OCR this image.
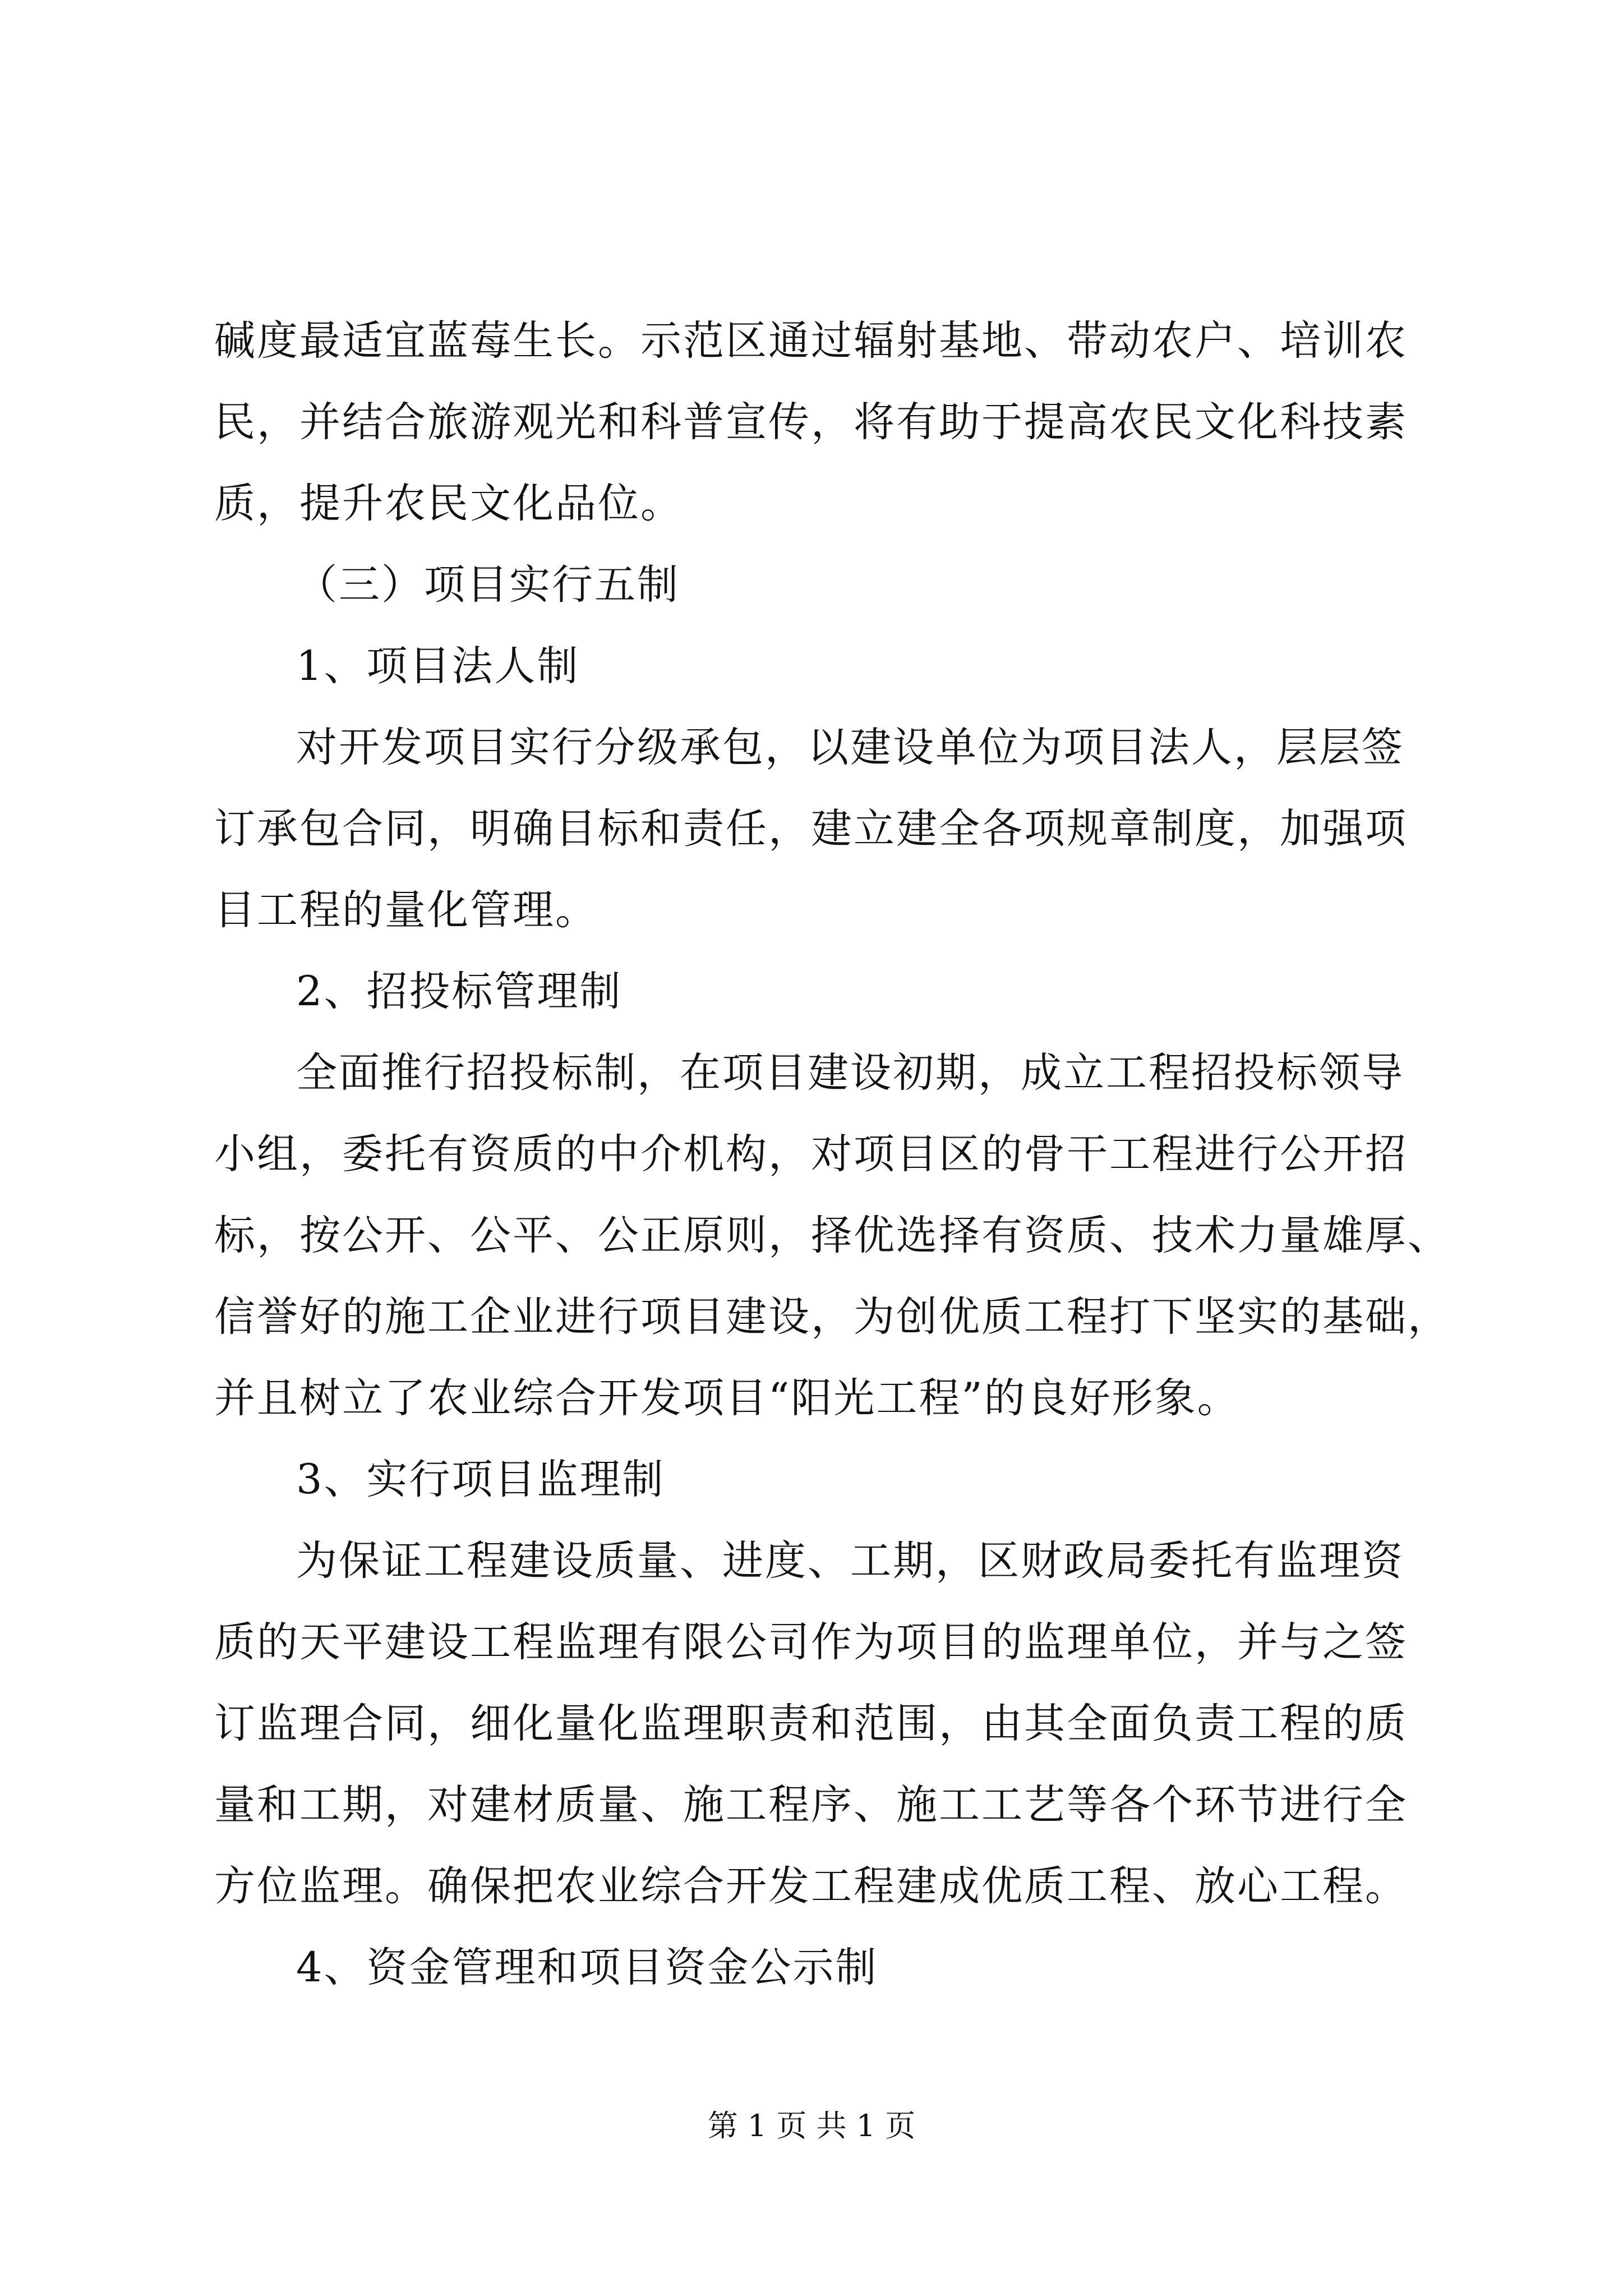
碱度最适宜蓝莓生长。示范区通过辐射基地、带动农户、培训农
民，并结合旅游观光和科普宣传，将有助于提高农民文化科技素
质，提升农民文化品位。
（三）项目实行五制
1、项目法人制
对开发项目实行分级承包，以建设单位为项目法人，层层签
订承包合同，明确目标和责任，建立建全各项规章制度，加强项
目工程的量化管理。
2、招投标管理制
全面推行招投标制，在项目建设初期，成立工程招投标领导
小组，委托有资质的中介机构，对项目区的骨干工程进行公开招
标，按公开、公平、公正原则，择优选择有资质、技术力量雄厚、
信誉好的施工企业进行项目建设，为创优质工程打下坚实的基础，
并且树立了农业综合开发项目“阳光工程”的良好形象。
3、实行项目监理制
为保证工程建设质量、进度、工期，区财政局委托有监理资
质的天平建设工程监理有限公司作为项目的监理单位，并与之签
订监理合同，细化量化监理职责和范围，由其全面负责工程的质
量和工期，对建材质量、施工程序、施工工艺等各个环节进行全
方位监理。确保把农业综合开发工程建成优质工程、放心工程。
4、资金管理和项目资金公示制
第 1 页 共 1 页
